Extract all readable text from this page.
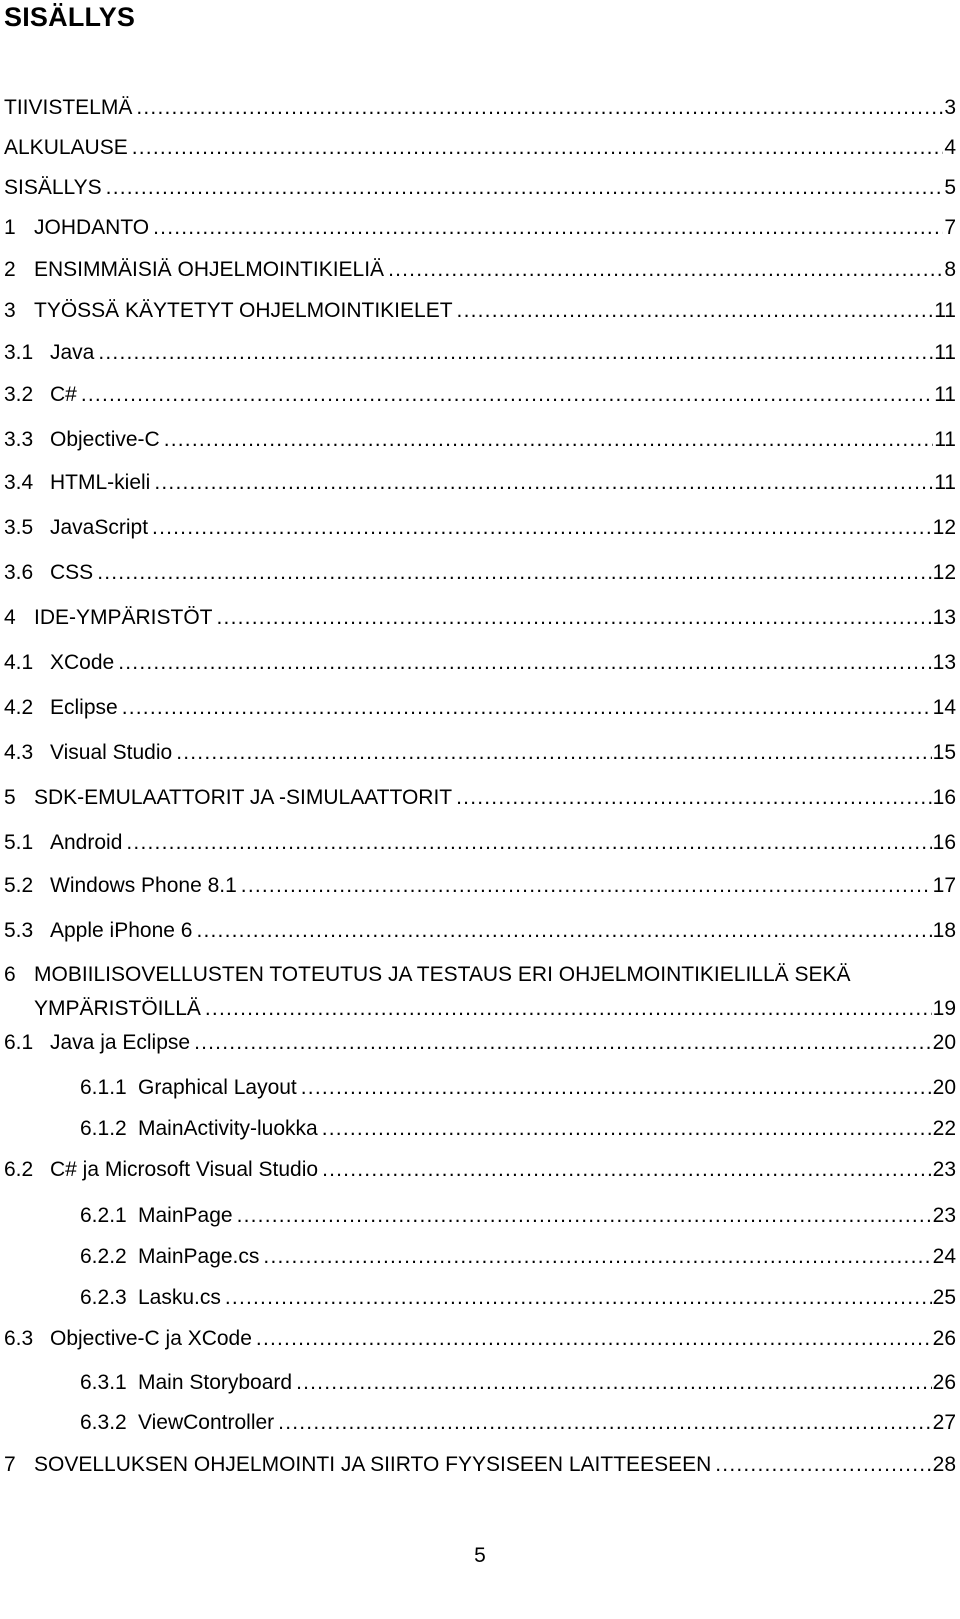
SISÄLLYS
TIIVISTELMÄ .....	3
ALKULAUSE .....	4
SISÄLLYS .....	5
1 JOHDANTO .....	7
2 ENSIMMÄISIÄ OHJELMOINTIKIELIÄ .....	8
3 TYÖSSÄ KÄYTETYT OHJELMOINTIKIELET .....	11
3.1 Java .....	11
3.2 C# .....	11
3.3 Objective-C .....	11
3.4 HTML-kieli .....	11
3.5 JavaScript .....	12
3.6 CSS .....	12
4 IDE-YMPÄRISTÖT .....	13
4.1 XCode .....	13
4.2 Eclipse .....	14
4.3 Visual Studio .....	15
5 SDK-EMULAATTORIT JA -SIMULAATTORIT .....	16
5.1 Android .....	16
5.2 Windows Phone 8.1 .....	17
5.3 Apple iPhone 6 .....	18
6 MOBIILISOVELLUSTEN TOTEUTUS JA TESTAUS ERI OHJELMOINTIKIELILLÄ SEKÄ
YMPÄRISTÖILLÄ .....	19
6.1 Java ja Eclipse .....	20
6.1.1 Graphical Layout .....	20
6.1.2 MainActivity-luokka .....	22
6.2 C# ja Microsoft Visual Studio .....	23
6.2.1 MainPage .....	23
6.2.2 MainPage.cs .....	24
6.2.3 Lasku.cs .....	25
6.3 Objective-C ja XCode .....	26
6.3.1 Main Storyboard .....	26
6.3.2 ViewController .....	27
7 SOVELLUKSEN OHJELMOINTI JA SIIRTO FYYSISEEN LAITTEESEEN .....	28
5
